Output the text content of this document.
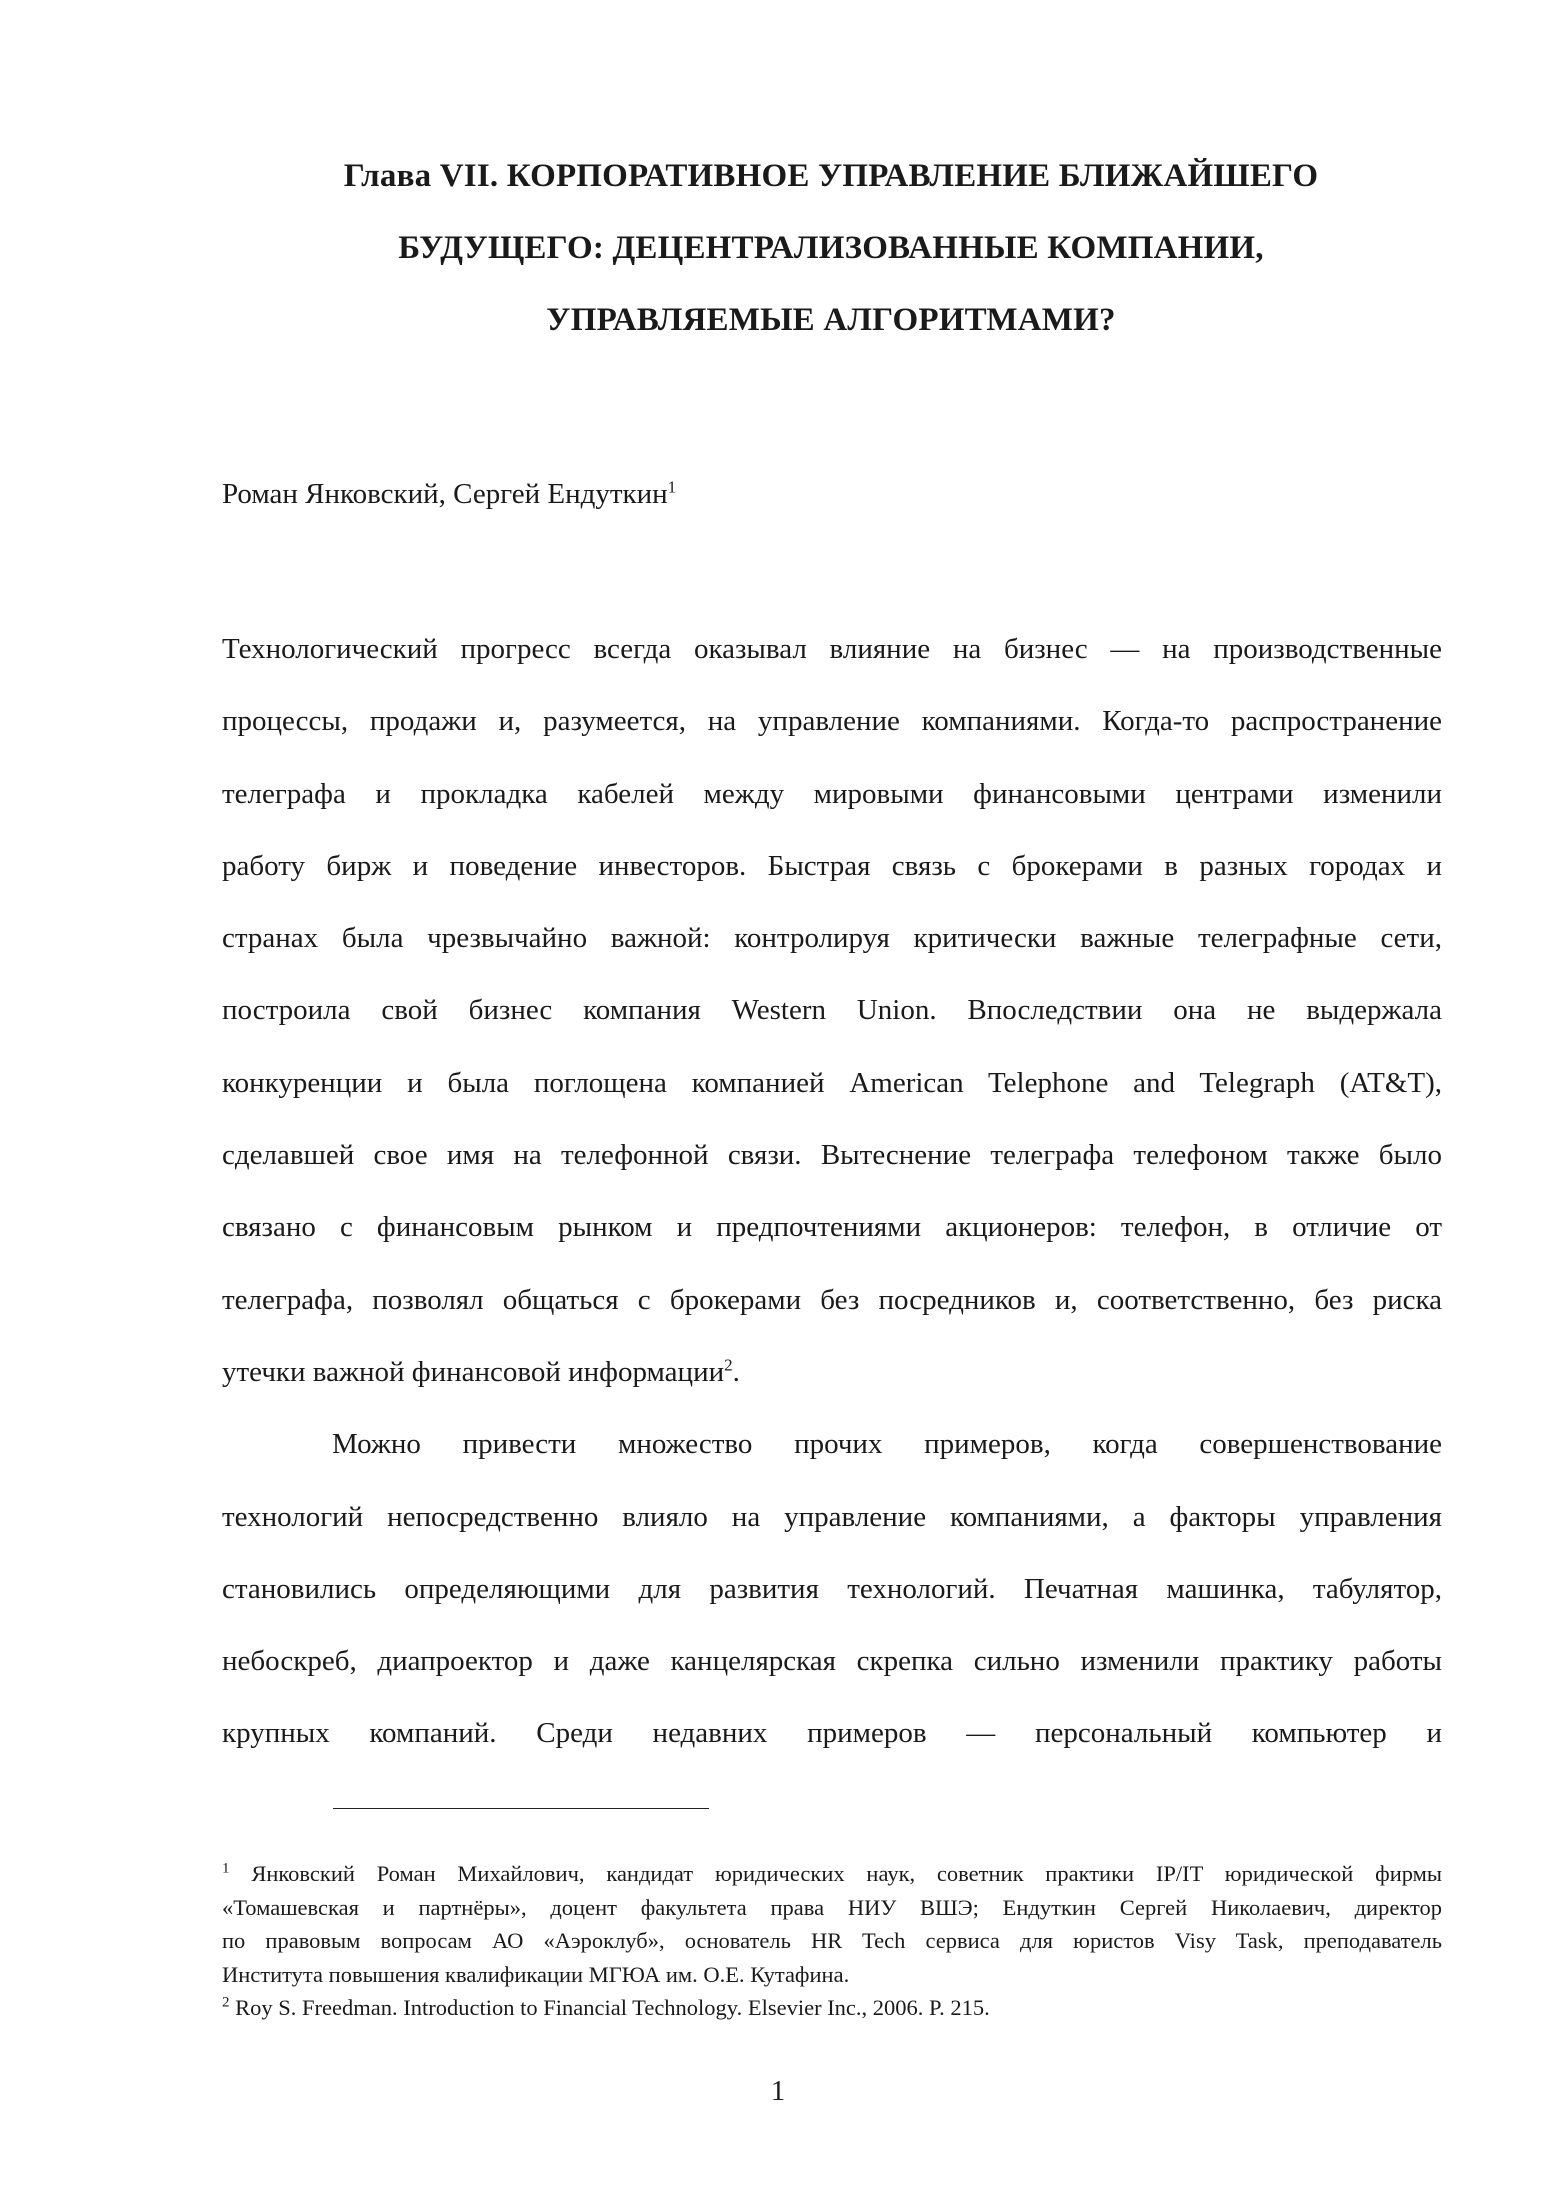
Глава VII. КОРПОРАТИВНОЕ УПРАВЛЕНИЕ БЛИЖАЙШЕГО
БУДУЩЕГО: ДЕЦЕНТРАЛИЗОВАННЫЕ КОМПАНИИ,
УПРАВЛЯЕМЫЕ АЛГОРИТМАМИ?
Роман Янковский, Сергей Ендуткин$^1$
Технологический прогресс всегда оказывал влияние на бизнес — на производственные
процессы, продажи и, разумеется, на управление компаниями. Когда-то распространение
телеграфа и прокладка кабелей между мировыми финансовыми центрами изменили
работу бирж и поведение инвесторов. Быстрая связь с брокерами в разных городах и
странах была чрезвычайно важной: контролируя критически важные телеграфные сети,
построила свой бизнес компания Western Union. Впоследствии она не выдержала
конкуренции и была поглощена компанией American Telephone and Telegraph (AT&T),
сделавшей свое имя на телефонной связи. Вытеснение телеграфа телефоном также было
связано с финансовым рынком и предпочтениями акционеров: телефон, в отличие от
телеграфа, позволял общаться с брокерами без посредников и, соответственно, без риска
утечки важной финансовой информации$^2$.
Можно привести множество прочих примеров, когда совершенствование
технологий непосредственно влияло на управление компаниями, а факторы управления
становились определяющими для развития технологий. Печатная машинка, табулятор,
небоскреб, диапроектор и даже канцелярская скрепка сильно изменили практику работы
крупных компаний. Среди недавних примеров — персональный компьютер и
$^1$ Янковский Роман Михайлович, кандидат юридических наук, советник практики IP/IT юридической фирмы
«Томашевская и партнёры», доцент факультета права НИУ ВШЭ; Ендуткин Сергей Николаевич, директор
по правовым вопросам АО «Аэроклуб», основатель HR Tech сервиса для юристов Visy Task, преподаватель
Института повышения квалификации МГЮА им. О.Е. Кутафина.
$^2$ Roy S. Freedman. Introduction to Financial Technology. Elsevier Inc., 2006. P. 215.
1
